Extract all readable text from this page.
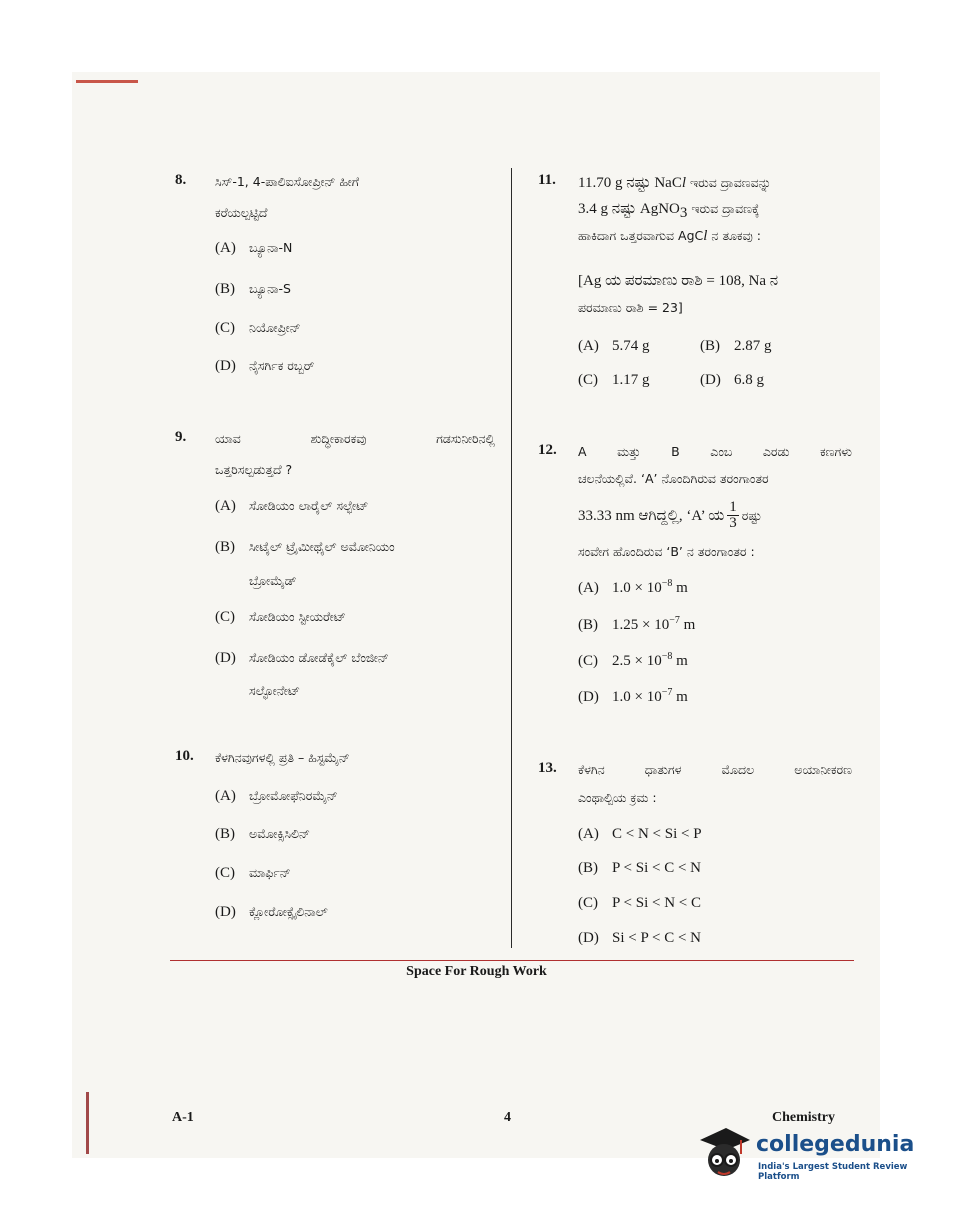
8. ಸಿಸ್-1, 4-ಪಾಲಿಐಸೋಪ್ರೀನ್ ಹೀಗೆ
ಕರೆಯಲ್ಪಟ್ಟಿದೆ
(A) ಬ್ಯೂನಾ-N
(B) ಬ್ಯೂನಾ-S
(C) ನಿಯೋಪ್ರೀನ್
(D) ನೈಸರ್ಗಿಕ ರಬ್ಬರ್
9. ಯಾವ ಶುದ್ಧೀಕಾರಕವು ಗಡಸುನೀರಿನಲ್ಲಿ
ಒತ್ತರಿಸಲ್ಪಡುತ್ತದೆ ?
(A) ಸೋಡಿಯಂ ಲಾರೈಲ್ ಸಲ್ಫೇಟ್
(B) ಸೀಟೈಲ್ ಟ್ರೈಮೀಥೈಲ್ ಅಮೋನಿಯಂ
ಬ್ರೋಮೈಡ್
(C) ಸೋಡಿಯಂ ಸ್ಟೀಯರೇಟ್
(D) ಸೋಡಿಯಂ ಡೋಡೆಕೈಲ್ ಬೆಂಜೀನ್
ಸಲ್ಫೋನೇಟ್
10. ಕೆಳಗಿನವುಗಳಲ್ಲಿ ಪ್ರತಿ – ಹಿಸ್ಟಮೈನ್
(A) ಬ್ರೋಮೋಫೆನಿರಮೈನ್
(B) ಅಮೋಕ್ಸಿಸಿಲಿನ್
(C) ಮಾರ್ಫಿನ್
(D) ಕ್ಲೋರೋಕ್ಸೈಲಿನಾಲ್
11. 11.70 g ನಷ್ಟು NaCl ಇರುವ ದ್ರಾವಣವನ್ನು
3.4 g ನಷ್ಟು AgNO$_3$ ಇರುವ ದ್ರಾವಣಕ್ಕೆ
ಹಾಕಿದಾಗ ಒತ್ತರವಾಗುವ AgCl ನ ತೂಕವು :
[Ag ಯ ಪರಮಾಣು ರಾಶಿ = 108, Na ನ
ಪರಮಾಣು ರಾಶಿ = 23]
(A) 5.74 g	(B) 2.87 g
(C) 1.17 g	(D) 6.8 g
12. A ಮತ್ತು B ಎಂಬ ಎರಡು ಕಣಗಳು
ಚಲನೆಯಲ್ಲಿವೆ. ‘A’ ನೊಂದಿಗಿರುವ ತರಂಗಾಂತರ
33.33 nm ಆಗಿದ್ದಲ್ಲಿ, ‘A’ ಯ $\frac{1}{3}$ ರಷ್ಟು
ಸಂವೇಗ ಹೊಂದಿರುವ ‘B’ ನ ತರಂಗಾಂತರ :
(A) $1.0 \times 10^{-8}$ m
(B) $1.25 \times 10^{-7}$ m
(C) $2.5 \times 10^{-8}$ m
(D) $1.0 \times 10^{-7}$ m
13. ಕೆಳಗಿನ ಧಾತುಗಳ ಮೊದಲ ಅಯಾನೀಕರಣ
ಎಂಥಾಲ್ಪಿಯ ಕ್ರಮ :
(A) C < N < Si < P
(B) P < Si < C < N
(C) P < Si < N < C
(D) Si < P < C < N
Space For Rough Work
A-1	4	Chemistry
collegedunia
India's Largest Student Review Platform
